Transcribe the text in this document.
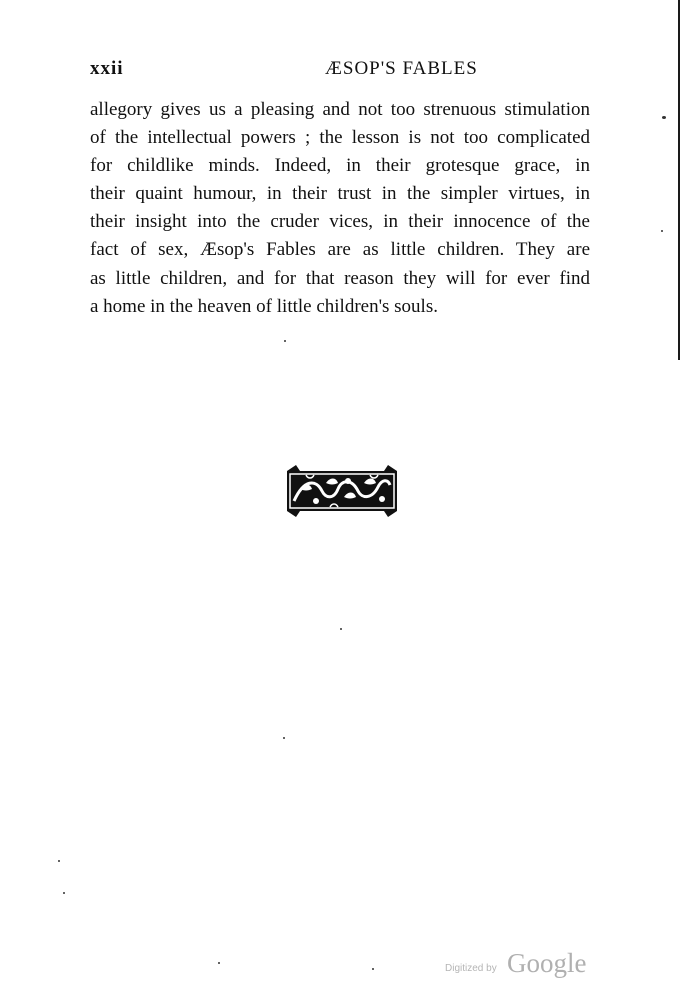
xxii	ÆSOP'S FABLES

allegory gives us a pleasing and not too strenuous stimulation
of the intellectual powers ; the lesson is not too complicated
for childlike minds. Indeed, in their grotesque grace, in
their quaint humour, in their trust in the simpler virtues, in
their insight into the cruder vices, in their innocence of the
fact of sex, Æsop's Fables are as little children. They are
as little children, and for that reason they will for ever find
a home in the heaven of little children's souls.

Digitized by Google
